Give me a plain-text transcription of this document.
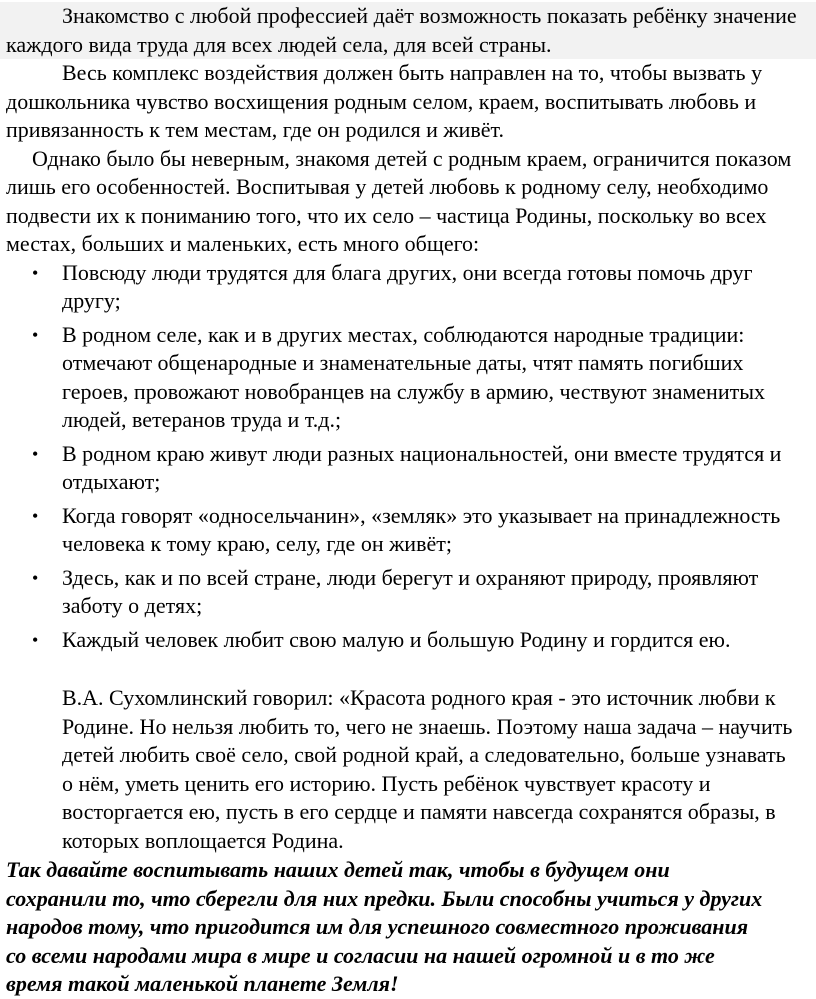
Знакомство с любой профессией даёт возможность показать ребёнку значение каждого вида труда для всех людей села, для всей страны.

Весь комплекс воздействия должен быть направлен на то, чтобы вызвать у дошкольника чувство восхищения родным селом, краем, воспитывать любовь и привязанность к тем местам, где он родился и живёт.

Однако было бы неверным, знакомя детей с родным краем, ограничится показом лишь его особенностей. Воспитывая у детей любовь к родному селу, необходимо подвести их к пониманию того, что их село – частица Родины, поскольку во всех местах, больших и маленьких, есть много общего:

• Повсюду люди трудятся для блага других, они всегда готовы помочь друг другу;
• В родном селе, как и в других местах, соблюдаются народные традиции: отмечают общенародные и знаменательные даты, чтят память погибших героев, провожают новобранцев на службу в армию, чествуют знаменитых людей, ветеранов труда и т.д.;
• В родном краю живут люди разных национальностей, они вместе трудятся и отдыхают;
• Когда говорят «односельчанин», «земляк» это указывает на принадлежность человека к тому краю, селу, где он живёт;
• Здесь, как и по всей стране, люди берегут и охраняют природу, проявляют заботу о детях;
• Каждый человек любит свою малую и большую Родину и гордится ею.

В.А. Сухомлинский говорил: «Красота родного края - это источник любви к Родине. Но нельзя любить то, чего не знаешь. Поэтому наша задача – научить детей любить своё село, свой родной край, а следовательно, больше узнавать о нём, уметь ценить его историю. Пусть ребёнок чувствует красоту и восторгается ею, пусть в его сердце и памяти навсегда сохранятся образы, в которых воплощается Родина.

Так давайте воспитывать наших детей так, чтобы в будущем они сохранили то, что сберегли для них предки. Были способны учиться у других народов тому, что пригодится им для успешного совместного проживания со всеми народами мира в мире и согласии на нашей огромной и в то же время такой маленькой планете Земля!
